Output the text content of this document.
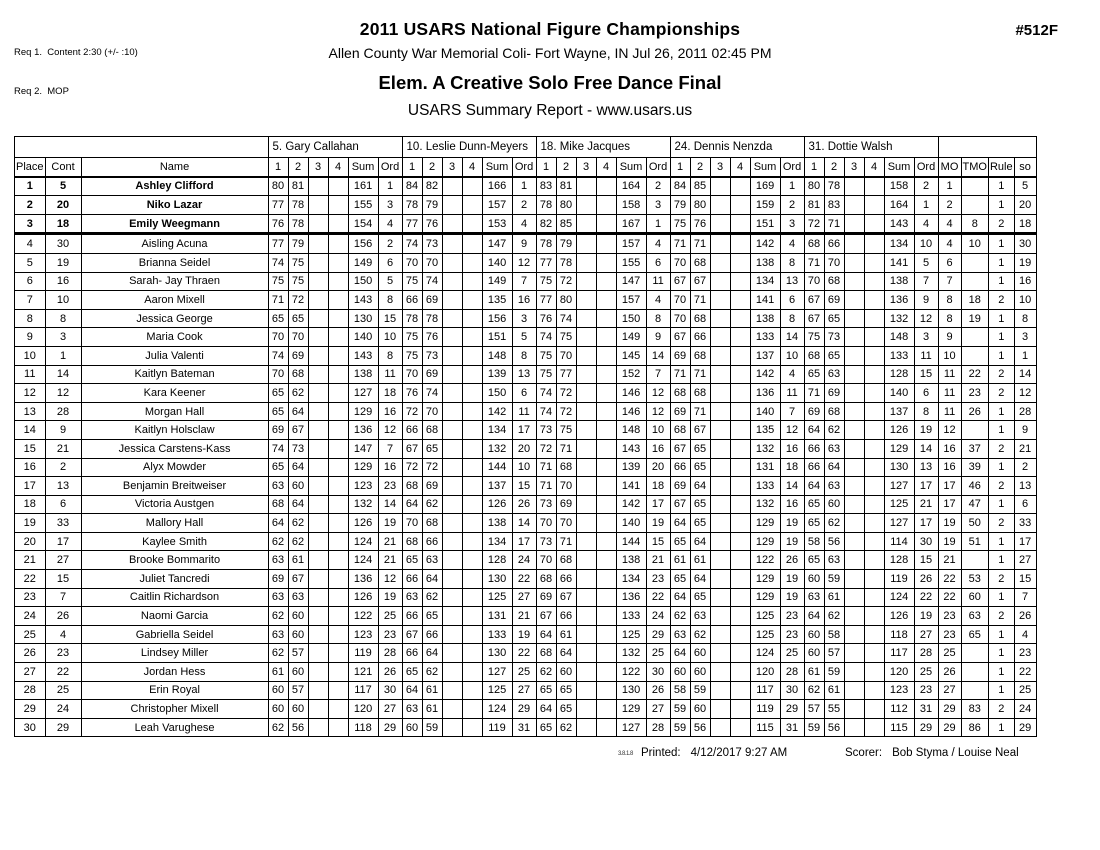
Req 1.  Content 2:30 (+/- :10)

Req 2.  MOP

#512F
2011 USARS National Figure Championships
Allen County War Memorial Coli- Fort Wayne, IN Jul 26, 2011 02:45 PM
Elem. A Creative Solo Free Dance Final
USARS Summary Report - www.usars.us
			5. Gary Callahan						10. Leslie Dunn-Meyers						18. Mike Jacques						24. Dennis Nenzda						31. Dottie Walsh									
Place	Cont	Name	1	2	3	4	Sum	Ord	1	2	3	4	Sum	Ord	1	2	3	4	Sum	Ord	1	2	3	4	Sum	Ord	1	2	3	4	Sum	Ord	MO	TMO	Rule	so
1	5	Ashley Clifford	80	81			161	1	84	82			166	1	83	81			164	2	84	85			169	1	80	78			158	2	1		1	5
2	20	Niko Lazar	77	78			155	3	78	79			157	2	78	80			158	3	79	80			159	2	81	83			164	1	2		1	20
3	18	Emily Weegmann	76	78			154	4	77	76			153	4	82	85			167	1	75	76			151	3	72	71			143	4	4	8	2	18
4	30	Aisling Acuna	77	79			156	2	74	73			147	9	78	79			157	4	71	71			142	4	68	66			134	10	4	10	1	30
5	19	Brianna Seidel	74	75			149	6	70	70			140	12	77	78			155	6	70	68			138	8	71	70			141	5	6		1	19
6	16	Sarah- Jay Thraen	75	75			150	5	75	74			149	7	75	72			147	11	67	67			134	13	70	68			138	7	7		1	16
7	10	Aaron Mixell	71	72			143	8	66	69			135	16	77	80			157	4	70	71			141	6	67	69			136	9	8	18	2	10
8	8	Jessica George	65	65			130	15	78	78			156	3	76	74			150	8	70	68			138	8	67	65			132	12	8	19	1	8
9	3	Maria Cook	70	70			140	10	75	76			151	5	74	75			149	9	67	66			133	14	75	73			148	3	9		1	3
10	1	Julia Valenti	74	69			143	8	75	73			148	8	75	70			145	14	69	68			137	10	68	65			133	11	10		1	1
11	14	Kaitlyn Bateman	70	68			138	11	70	69			139	13	75	77			152	7	71	71			142	4	65	63			128	15	11	22	2	14
12	12	Kara Keener	65	62			127	18	76	74			150	6	74	72			146	12	68	68			136	11	71	69			140	6	11	23	2	12
13	28	Morgan Hall	65	64			129	16	72	70			142	11	74	72			146	12	69	71			140	7	69	68			137	8	11	26	1	28
14	9	Kaitlyn Holsclaw	69	67			136	12	66	68			134	17	73	75			148	10	68	67			135	12	64	62			126	19	12		1	9
15	21	Jessica Carstens-Kass	74	73			147	7	67	65			132	20	72	71			143	16	67	65			132	16	66	63			129	14	16	37	2	21
16	2	Alyx Mowder	65	64			129	16	72	72			144	10	71	68			139	20	66	65			131	18	66	64			130	13	16	39	1	2
17	13	Benjamin Breitweiser	63	60			123	23	68	69			137	15	71	70			141	18	69	64			133	14	64	63			127	17	17	46	2	13
18	6	Victoria Austgen	68	64			132	14	64	62			126	26	73	69			142	17	67	65			132	16	65	60			125	21	17	47	1	6
19	33	Mallory Hall	64	62			126	19	70	68			138	14	70	70			140	19	64	65			129	19	65	62			127	17	19	50	2	33
20	17	Kaylee Smith	62	62			124	21	68	66			134	17	73	71			144	15	65	64			129	19	58	56			114	30	19	51	1	17
21	27	Brooke Bommarito	63	61			124	21	65	63			128	24	70	68			138	21	61	61			122	26	65	63			128	15	21		1	27
22	15	Juliet Tancredi	69	67			136	12	66	64			130	22	68	66			134	23	65	64			129	19	60	59			119	26	22	53	2	15
23	7	Caitlin Richardson	63	63			126	19	63	62			125	27	69	67			136	22	64	65			129	19	63	61			124	22	22	60	1	7
24	26	Naomi Garcia	62	60			122	25	66	65			131	21	67	66			133	24	62	63			125	23	64	62			126	19	23	63	2	26
25	4	Gabriella Seidel	63	60			123	23	67	66			133	19	64	61			125	29	63	62			125	23	60	58			118	27	23	65	1	4
26	23	Lindsey Miller	62	57			119	28	66	64			130	22	68	64			132	25	64	60			124	25	60	57			117	28	25		1	23
27	22	Jordan Hess	61	60			121	26	65	62			127	25	62	60			122	30	60	60			120	28	61	59			120	25	26		1	22
28	25	Erin Royal	60	57			117	30	64	61			125	27	65	65			130	26	58	59			117	30	62	61			123	23	27		1	25
29	24	Christopher Mixell	60	60			120	27	63	61			124	29	64	65			129	27	59	60			119	29	57	55			112	31	29	83	2	24
30	29	Leah Varughese	62	56			118	29	60	59			119	31	65	62			127	28	59	56			115	31	59	56			115	29	29	86	1	29
3.8.1.8 Printed: 4/12/2017 9:27 AM	Scorer: Bob Styma / Louise Neal
